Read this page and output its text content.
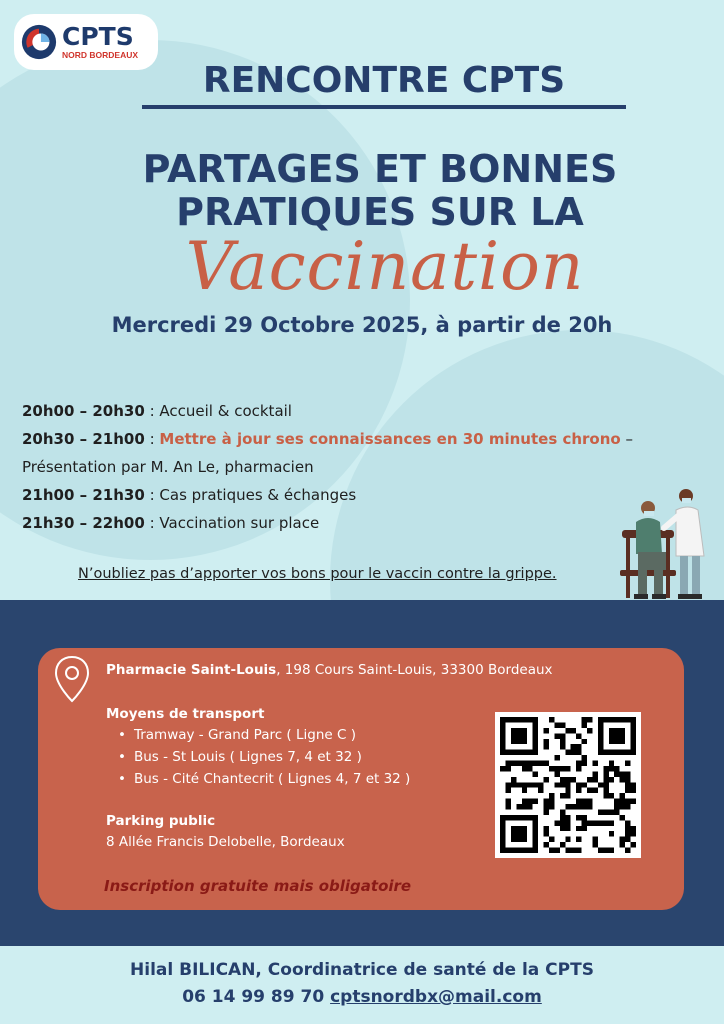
CPTS
NORD BORDEAUX
RENCONTRE CPTS
PARTAGES ET BONNES
PRATIQUES SUR LA
Vaccination
Mercredi 29 Octobre 2025, à partir de 20h
20h00 – 20h30 : Accueil & cocktail
20h30 – 21h00 : Mettre à jour ses connaissances en 30 minutes chrono –
Présentation par M. An Le, pharmacien
21h00 – 21h30 : Cas pratiques & échanges
21h30 – 22h00 : Vaccination sur place
N’oubliez pas d’apporter vos bons pour le vaccin contre la grippe.
Pharmacie Saint-Louis, 198 Cours Saint-Louis, 33300 Bordeaux
Moyens de transport
• Tramway - Grand Parc ( Ligne C )
• Bus - St Louis ( Lignes 7, 4 et 32 )
• Bus - Cité Chantecrit ( Lignes 4, 7 et 32 )
Parking public
8 Allée Francis Delobelle, Bordeaux
Inscription gratuite mais obligatoire
Hilal BILICAN, Coordinatrice de santé de la CPTS
06 14 99 89 70 cptsnordbx@mail.com
